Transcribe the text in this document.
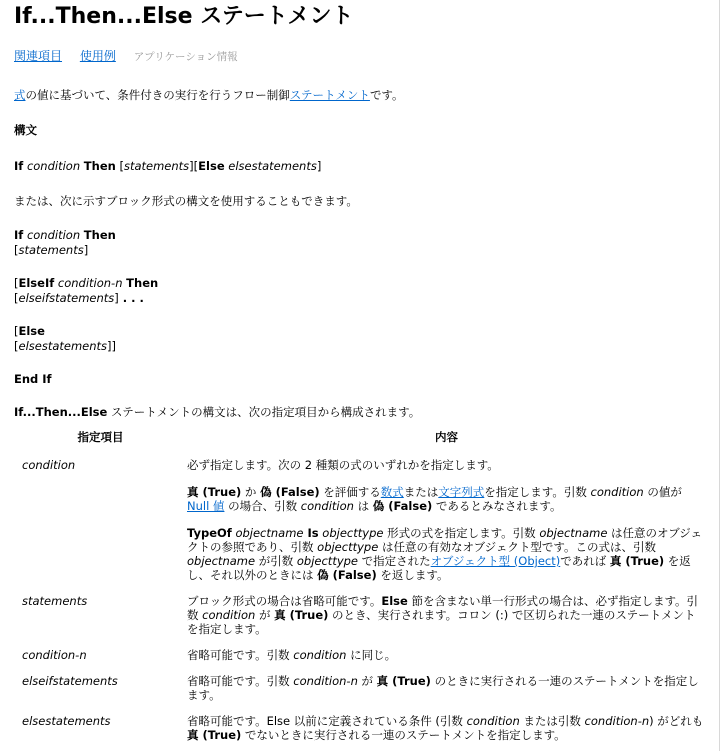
If...Then...Else ステートメント
関連項目 使用例 アプリケーション情報

式の値に基づいて、条件付きの実行を行うフロー制御ステートメントです。

構文

If condition Then [statements][Else elsestatements]

または、次に示すブロック形式の構文を使用することもできます。

If condition Then

[statements]

[ElseIf condition-n Then

[elseifstatements] . . .

[Else

[elsestatements]]

End If

If...Then...Else ステートメントの構文は、次の指定項目から構成されます。

指定項目	内容
condition	必ず指定します。次の 2 種類の式のいずれかを指定します。

真 (True) か 偽 (False) を評価する数式または文字列式を指定します。引数 condition の値が Null 値 の場合、引数 condition は 偽 (False) であるとみなされます。

TypeOf objectname Is objecttype 形式の式を指定します。引数 objectname は任意のオブジェクトの参照であり、引数 objecttype は任意の有効なオブジェクト型です。この式は、引数 objectname が引数 objecttype で指定されたオブジェクト型 (Object)であれば 真 (True) を返し、それ以外のときには 偽 (False) を返します。

statements	ブロック形式の場合は省略可能です。Else 節を含まない単一行形式の場合は、必ず指定します。引数 condition が 真 (True) のとき、実行されます。コロン (:) で区切られた一連のステートメントを指定します。

condition-n	省略可能です。引数 condition に同じ。

elseifstatements	省略可能です。引数 condition-n が 真 (True) のときに実行される一連のステートメントを指定します。

elsestatements	省略可能です。Else 以前に定義されている条件 (引数 condition または引数 condition-n) がどれも 真 (True) でないときに実行される一連のステートメントを指定します。
